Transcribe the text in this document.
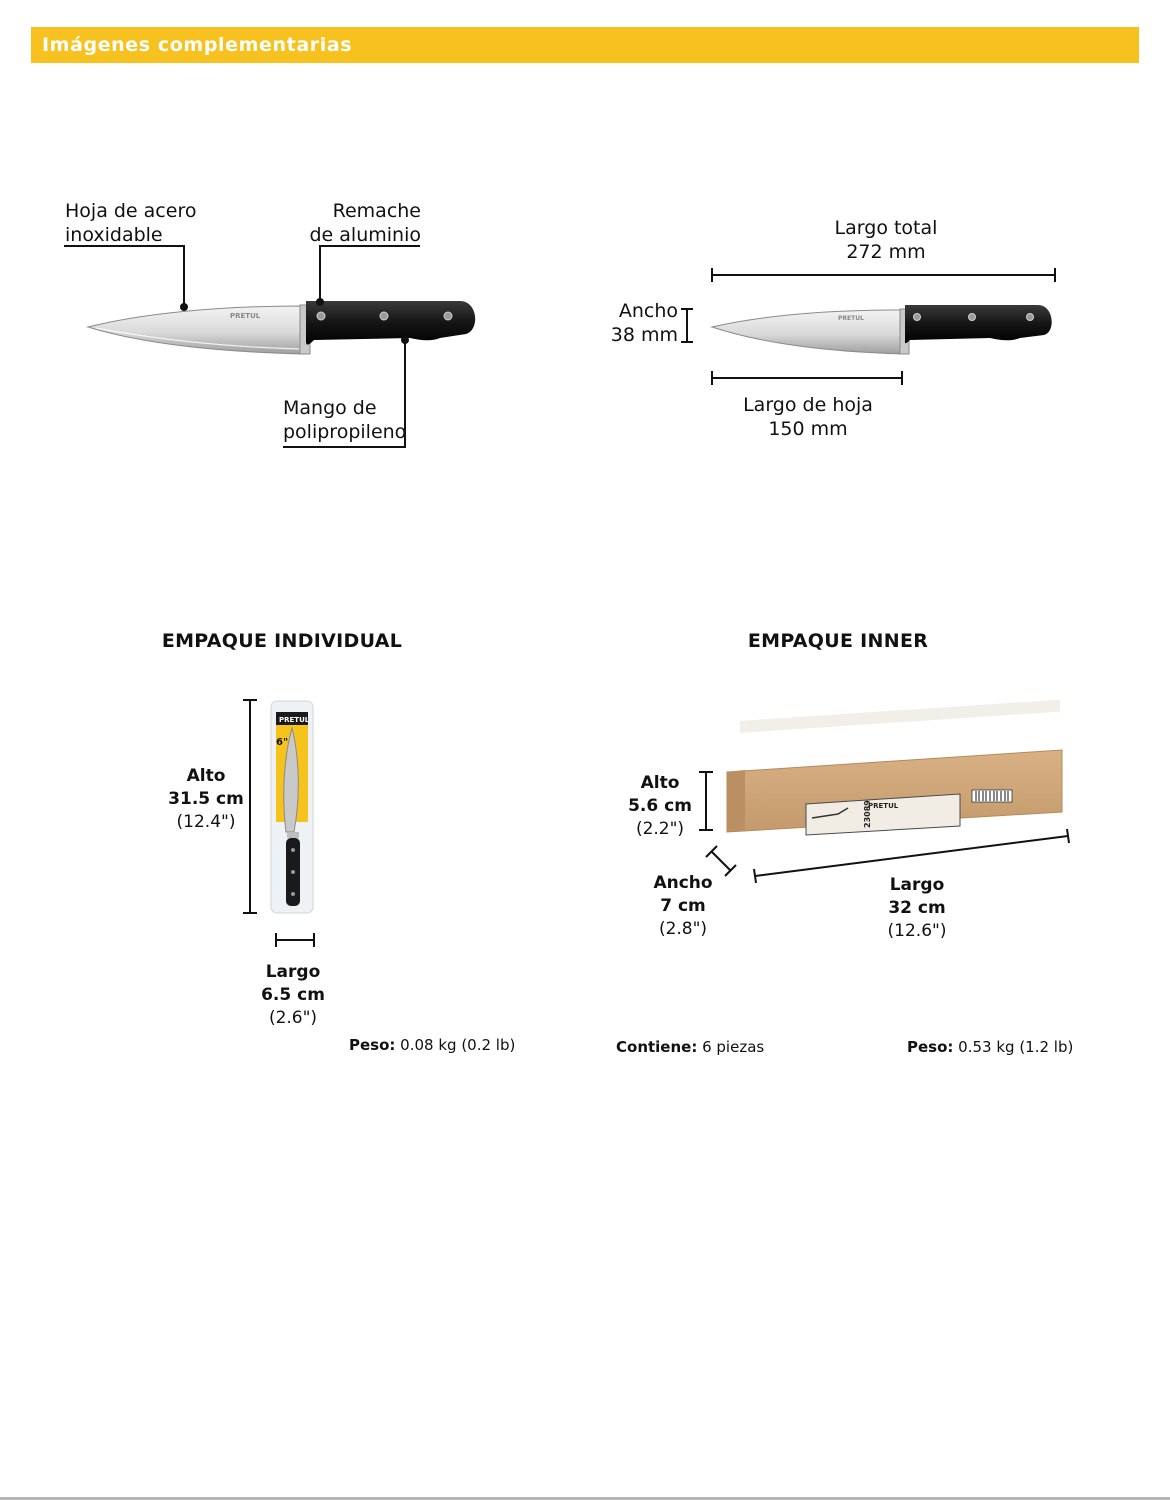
Imágenes complementarias
PRETUL	PRETUL
PRETUL
6"
PRETUL
23089
Hoja de acero
inoxidable
Remache
de aluminio
Mango de
polipropileno
Largo total
272 mm
Ancho
38 mm
Largo de hoja
150 mm
EMPAQUE INDIVIDUAL	EMPAQUE INNER
Alto
31.5 cm
(12.4")
Largo
6.5 cm
(2.6")
Peso: 0.08 kg (0.2 lb)
Alto
5.6 cm
(2.2")
Ancho
7 cm
(2.8")
Largo
32 cm
(12.6")
Contiene: 6 piezas	Peso: 0.53 kg (1.2 lb)
